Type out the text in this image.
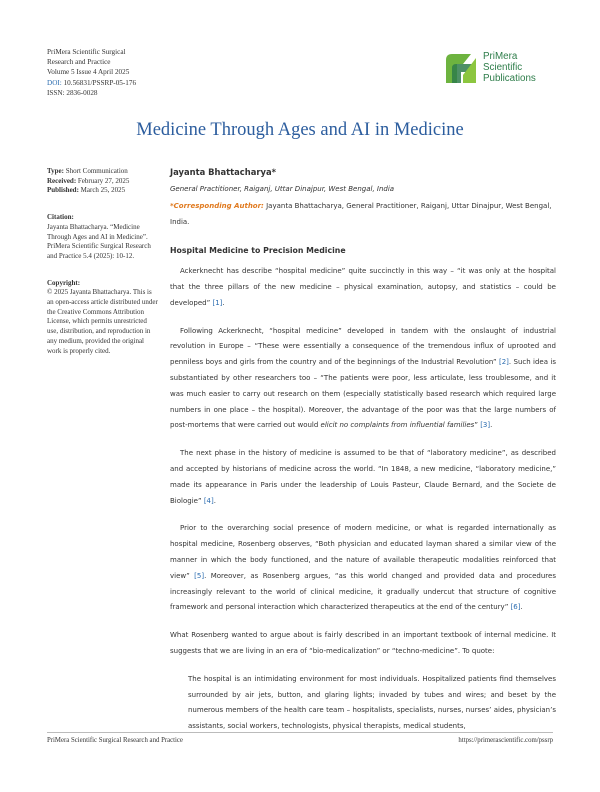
PriMera Scientific Surgical
Research and Practice
Volume 5 Issue 4 April 2025
DOI: 10.56831/PSSRP-05-176
ISSN: 2836-0028
PriMera
Scientific
Publications
Medicine Through Ages and AI in Medicine
Type: Short Communication
Received: February 27, 2025
Published: March 25, 2025
Citation:
Jayanta Bhattacharya. “Medicine Through Ages and AI in Medicine”. PriMera Scientific Surgical Research and Practice 5.4 (2025): 10-12.
Copyright:
© 2025 Jayanta Bhattacharya. This is an open-access article distributed under the Creative Commons Attribution License, which permits unrestricted use, distribution, and reproduction in any medium, provided the original work is properly cited.
Jayanta Bhattacharya*
General Practitioner, Raiganj, Uttar Dinajpur, West Bengal, India
*Corresponding Author: Jayanta Bhattacharya, General Practitioner, Raiganj, Uttar Dinajpur, West Bengal, India.
Hospital Medicine to Precision Medicine

Ackerknecht has describe “hospital medicine” quite succinctly in this way – “it was only at the hospital that the three pillars of the new medicine – physical examination, autopsy, and statistics – could be developed” [1].

Following Ackerknecht, “hospital medicine” developed in tandem with the onslaught of industrial revolution in Europe – “These were essentially a consequence of the tremendous influx of uprooted and penniless boys and girls from the country and of the beginnings of the Industrial Revolution” [2]. Such idea is substantiated by other researchers too – “The patients were poor, less articulate, less troublesome, and it was much easier to carry out research on them (especially statistically based research which required large numbers in one place – the hospital). Moreover, the advantage of the poor was that the large numbers of post-mortems that were carried out would elicit no complaints from influential families” [3].

The next phase in the history of medicine is assumed to be that of “laboratory medicine”, as described and accepted by historians of medicine across the world. “In 1848, a new medicine, “laboratory medicine,” made its appearance in Paris under the leadership of Louis Pasteur, Claude Bernard, and the Societe de Biologie” [4].

Prior to the overarching social presence of modern medicine, or what is regarded internationally as hospital medicine, Rosenberg observes, “Both physician and educated layman shared a similar view of the manner in which the body functioned, and the nature of available therapeutic modalities reinforced that view” [5]. Moreover, as Rosenberg argues, “as this world changed and provided data and procedures increasingly relevant to the world of clinical medicine, it gradually undercut that structure of cognitive framework and personal interaction which characterized therapeutics at the end of the century” [6].

What Rosenberg wanted to argue about is fairly described in an important textbook of internal medicine. It suggests that we are living in an era of “bio-medicalization” or “techno-medicine”. To quote:

The hospital is an intimidating environment for most individuals. Hospitalized patients find themselves surrounded by air jets, button, and glaring lights; invaded by tubes and wires; and beset by the numerous members of the health care team – hospitalists, specialists, nurses, nurses’ aides, physician’s assistants, social workers, technologists, physical therapists, medical students,

PriMera Scientific Surgical Research and Practice	https://primerascientific.com/pssrp
